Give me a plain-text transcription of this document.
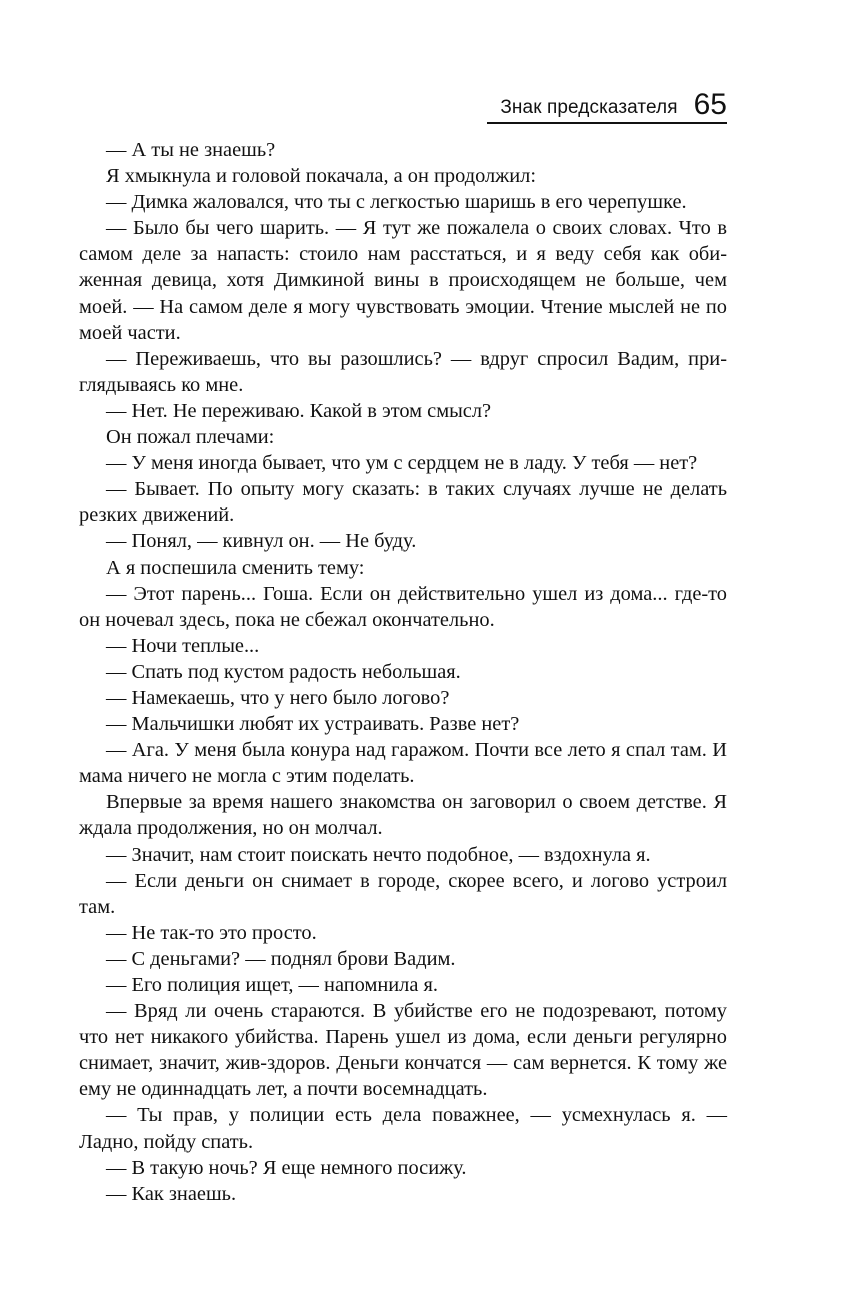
Знак предсказателя 65

— А ты не знаешь?

Я хмыкнула и головой покачала, а он продолжил:

— Димка жаловался, что ты с легкостью шаришь в его черепушке.

— Было бы чего шарить. — Я тут же пожалела о своих словах. Что в самом деле за напасть: стоило нам расстаться, и я веду себя как обиженная девица, хотя Димкиной вины в происходящем не больше, чем моей. — На самом деле я могу чувствовать эмоции. Чтение мыслей не по моей части.

— Переживаешь, что вы разошлись? — вдруг спросил Вадим, приглядываясь ко мне.

— Нет. Не переживаю. Какой в этом смысл?

Он пожал плечами:

— У меня иногда бывает, что ум с сердцем не в ладу. У тебя — нет?

— Бывает. По опыту могу сказать: в таких случаях лучше не делать резких движений.

— Понял, — кивнул он. — Не буду.

А я поспешила сменить тему:

— Этот парень... Гоша. Если он действительно ушел из дома... где-то он ночевал здесь, пока не сбежал окончательно.

— Ночи теплые...

— Спать под кустом радость небольшая.

— Намекаешь, что у него было логово?

— Мальчишки любят их устраивать. Разве нет?

— Ага. У меня была конура над гаражом. Почти все лето я спал там. И мама ничего не могла с этим поделать.

Впервые за время нашего знакомства он заговорил о своем детстве. Я ждала продолжения, но он молчал.

— Значит, нам стоит поискать нечто подобное, — вздохнула я.

— Если деньги он снимает в городе, скорее всего, и логово устроил там.

— Не так-то это просто.

— С деньгами? — поднял брови Вадим.

— Его полиция ищет, — напомнила я.

— Вряд ли очень стараются. В убийстве его не подозревают, потому что нет никакого убийства. Парень ушел из дома, если деньги регулярно снимает, значит, жив-здоров. Деньги кончатся — сам вернется. К тому же ему не одиннадцать лет, а почти восемнадцать.

— Ты прав, у полиции есть дела поважнее, — усмехнулась я. — Ладно, пойду спать.

— В такую ночь? Я еще немного посижу.

— Как знаешь.
